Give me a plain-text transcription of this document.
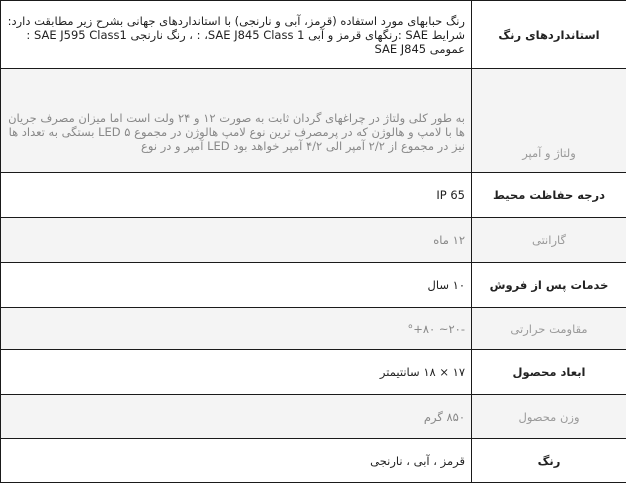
استانداردهای رنگ	رنگ حبابهای مورد استفاده (قرمز، آبی و نارنجی) با استانداردهای جهانی بشرح زیر مطابقت دارد: شرایط SAE :رنگهای قرمز و آبی SAE J845 Class 1، : ، رنگ نارنجی SAE J595 Class1 : عمومی SAE J845
ولتاژ و آمپر	به طور کلی ولتاژ در چراغهای گردان ثابت به صورت ۱۲ و ۲۴ ولت است اما میزان مصرف جریان ها با لامپ و هالوژن که در پرمصرف ترین نوع لامپ هالوژن در مجموع ۵ LED بستگی به تعداد ها نیز در مجموع از ۲/۲ آمپر الی ۴/۲ آمپر خواهد بود LED آمپر و در نوع
درجه حفاظت محیط	IP 65
گارانتی	۱۲ ماه
خدمات پس از فروش	۱۰ سال
مقاومت حرارتی	-۲۰~ ۸۰+°
ابعاد محصول	۱۷ × ۱۸ سانتیمتر
وزن محصول	۸۵۰ گرم
رنگ	قرمز ، آبی ، نارنجی
